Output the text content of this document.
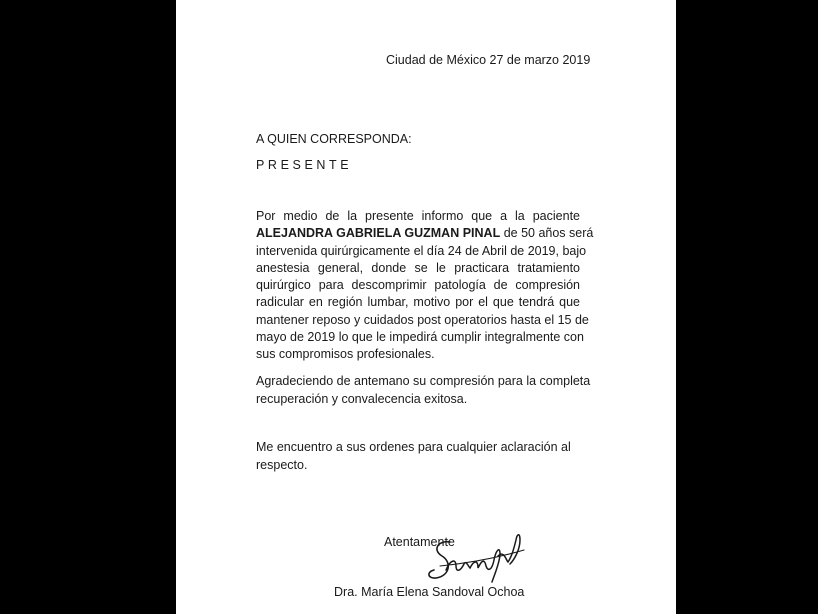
Ciudad de México 27 de marzo 2019
A QUIEN CORRESPONDA:
PRESENTE
Por medio de la presente informo que a la paciente
ALEJANDRA GABRIELA GUZMAN PINAL de 50 años será
intervenida quirúrgicamente el día 24 de Abril de 2019, bajo
anestesia general, donde se le practicara tratamiento
quirúrgico para descomprimir patología de compresión
radicular en región lumbar, motivo por el que tendrá que
mantener reposo y cuidados post operatorios hasta el 15 de
mayo de 2019 lo que le impedirá cumplir integralmente con
sus compromisos profesionales.
Agradeciendo de antemano su compresión para la completa
recuperación y convalecencia exitosa.
Me encuentro a sus ordenes para cualquier aclaración al
respecto.
Atentamente
Dra. María Elena Sandoval Ochoa
